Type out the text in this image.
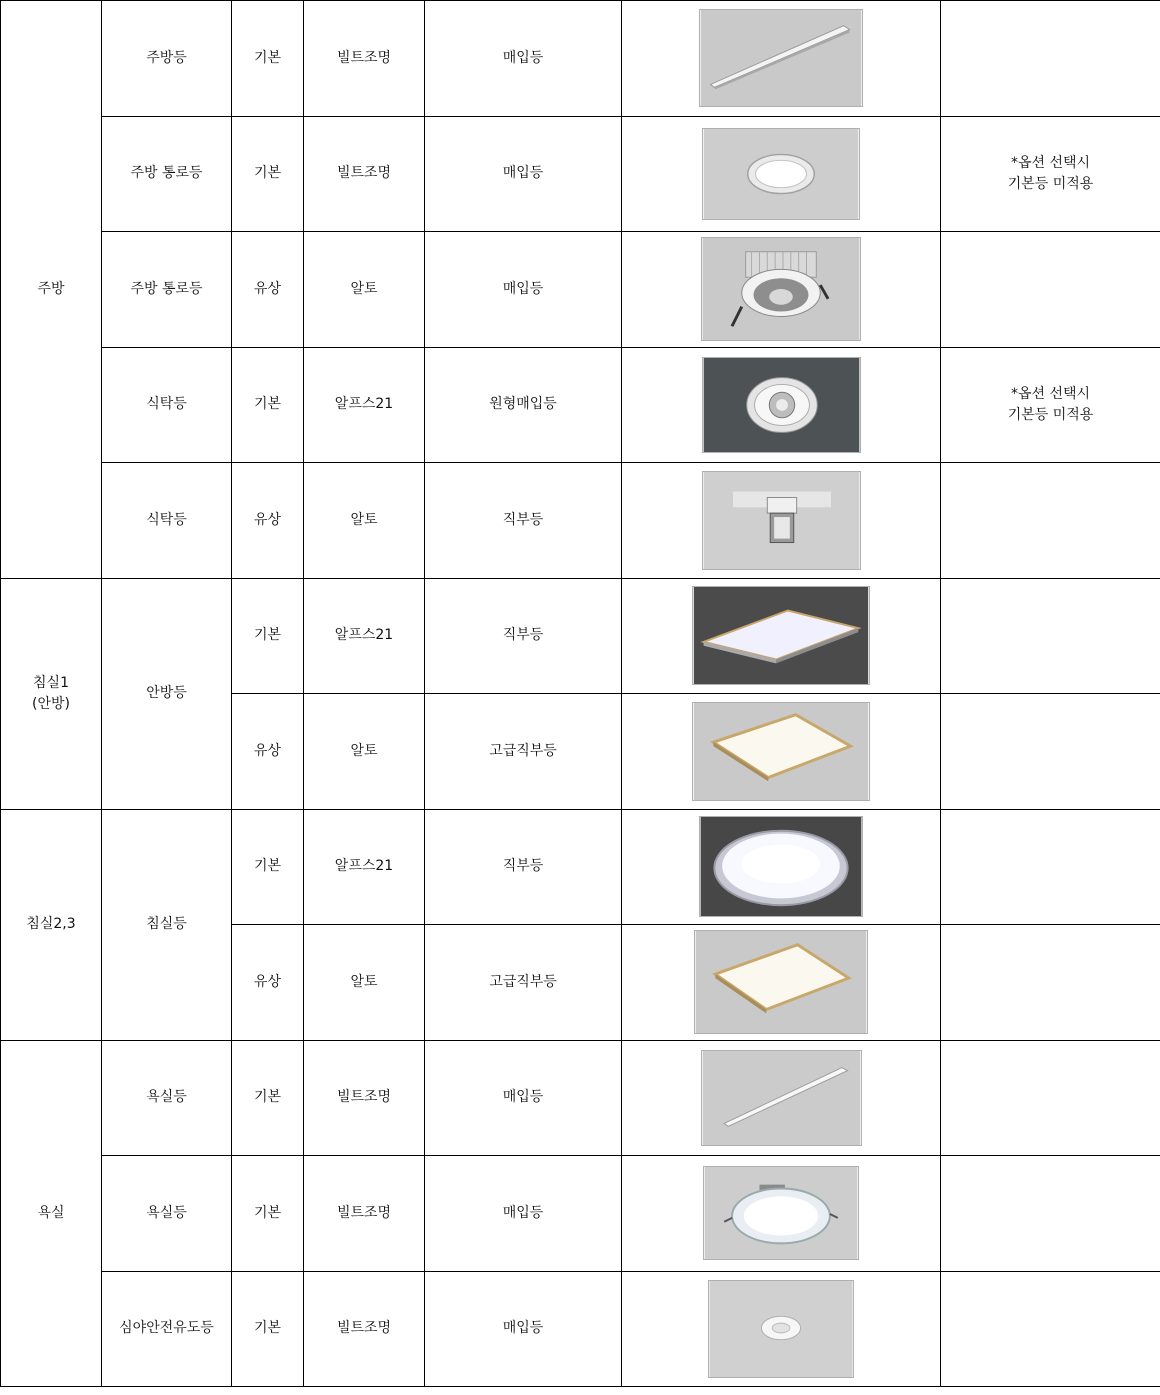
주방	주방등	기본	빌트조명	매입등	

	주방 통로등	기본	빌트조명	매입등		*옵션 선택시
기본등 미적용
	주방 통로등	유상	알토	매입등	

	식탁등	기본	알프스21	원형매입등		*옵션 선택시
기본등 미적용
	식탁등	유상	알토	직부등	

침실1
(안방)	안방등	기본	알프스21	직부등	

		유상	알토	고급직부등	

침실2,3	침실등	기본	알프스21	직부등	

		유상	알토	고급직부등	

욕실	욕실등	기본	빌트조명	매입등	

	욕실등	기본	빌트조명	매입등	

	심야안전유도등	기본	빌트조명	매입등	
